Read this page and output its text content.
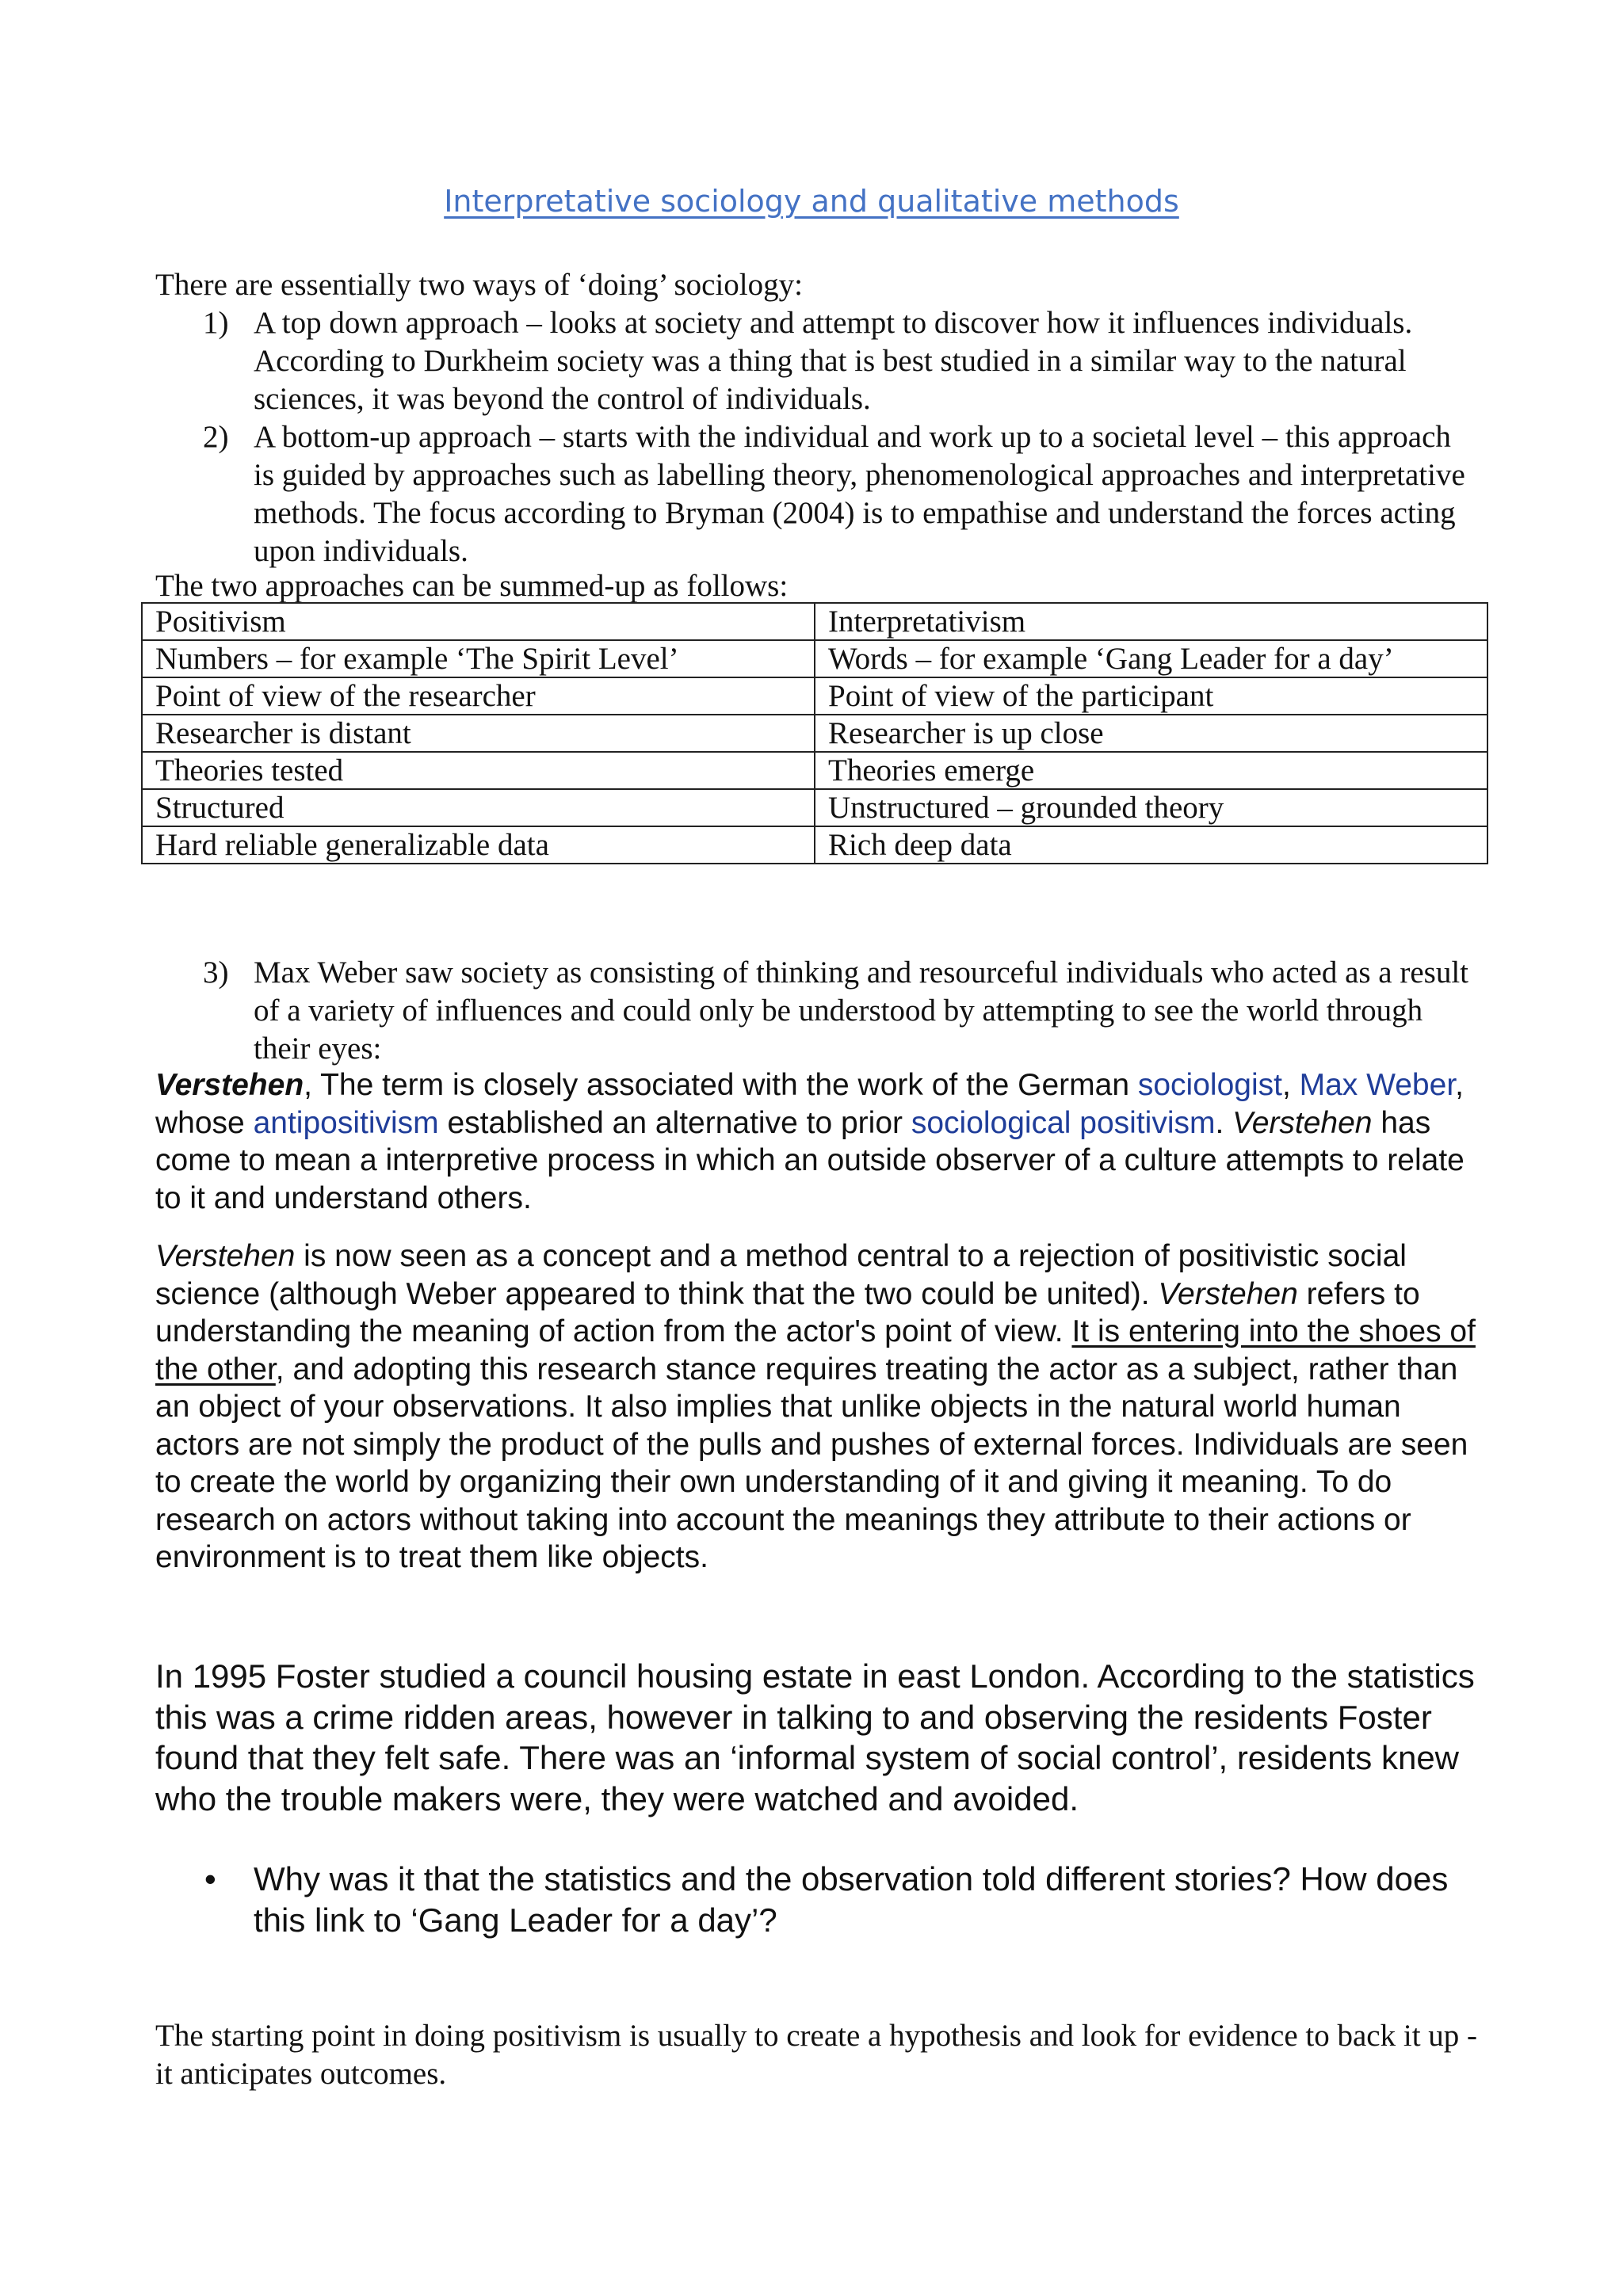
Interpretative sociology and qualitative methods

There are essentially two ways of ‘doing’ sociology:

1) A top down approach – looks at society and attempt to discover how it influences individuals. According to Durkheim society was a thing that is best studied in a similar way to the natural sciences, it was beyond the control of individuals.
2) A bottom-up approach – starts with the individual and work up to a societal level – this approach is guided by approaches such as labelling theory, phenomenological approaches and interpretative methods. The focus according to Bryman (2004) is to empathise and understand the forces acting upon individuals.

The two approaches can be summed-up as follows:

Positivism	Interpretativism
Numbers – for example ‘The Spirit Level’	Words – for example ‘Gang Leader for a day’
Point of view of the researcher	Point of view of the participant
Researcher is distant	Researcher is up close
Theories tested	Theories emerge
Structured	Unstructured – grounded theory
Hard reliable generalizable data	Rich deep data
3) Max Weber saw society as consisting of thinking and resourceful individuals who acted as a result of a variety of influences and could only be understood by attempting to see the world through their eyes:

Verstehen, The term is closely associated with the work of the German sociologist, Max Weber, whose antipositivism established an alternative to prior sociological positivism. Verstehen has come to mean a interpretive process in which an outside observer of a culture attempts to relate to it and understand others.

Verstehen is now seen as a concept and a method central to a rejection of positivistic social science (although Weber appeared to think that the two could be united). Verstehen refers to understanding the meaning of action from the actor's point of view. It is entering into the shoes of the other, and adopting this research stance requires treating the actor as a subject, rather than an object of your observations. It also implies that unlike objects in the natural world human actors are not simply the product of the pulls and pushes of external forces. Individuals are seen to create the world by organizing their own understanding of it and giving it meaning. To do research on actors without taking into account the meanings they attribute to their actions or environment is to treat them like objects.

In 1995 Foster studied a council housing estate in east London. According to the statistics this was a crime ridden areas, however in talking to and observing the residents Foster found that they felt safe. There was an ‘informal system of social control’, residents knew who the trouble makers were, they were watched and avoided.

• Why was it that the statistics and the observation told different stories? How does this link to ‘Gang Leader for a day’?

The starting point in doing positivism is usually to create a hypothesis and look for evidence to back it up - it anticipates outcomes.
